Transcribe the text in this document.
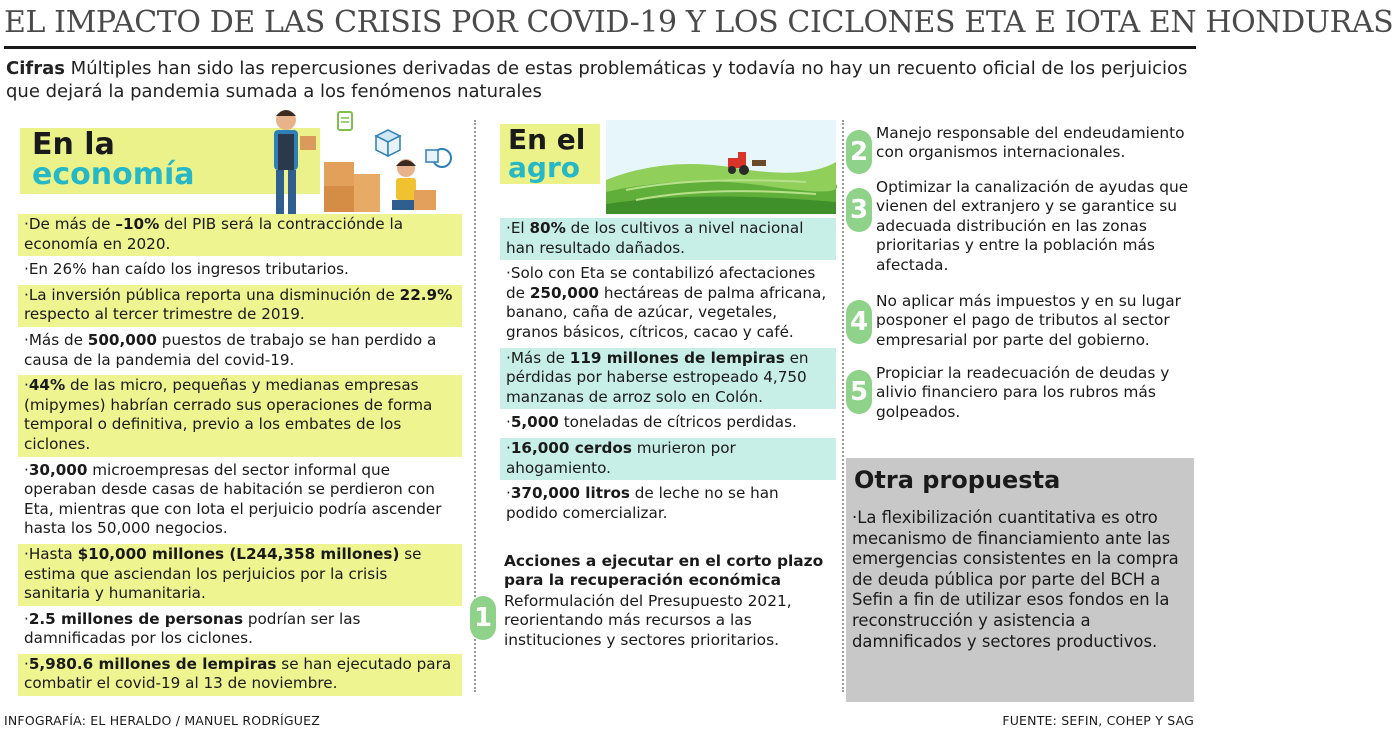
EL IMPACTO DE LAS CRISIS POR COVID-19 Y LOS CICLONES ETA E IOTA EN HONDURAS
Cifras Múltiples han sido las repercusiones derivadas de estas problemáticas y todavía no hay un recuento oficial de los perjuicios que dejará la pandemia sumada a los fenómenos naturales
En la
economía
·De más de –10% del PIB será la contracciónde la economía en 2020.
·En 26% han caído los ingresos tributarios.
·La inversión pública reporta una disminución de 22.9% respecto al tercer trimestre de 2019.
·Más de 500,000 puestos de trabajo se han perdido a causa de la pandemia del covid-19.
·44% de las micro, pequeñas y medianas empresas (mipymes) habrían cerrado sus operaciones de forma temporal o definitiva, previo a los embates de los ciclones.
·30,000 microempresas del sector informal que operaban desde casas de habitación se perdieron con Eta, mientras que con Iota el perjuicio podría ascender hasta los 50,000 negocios.
·Hasta $10,000 millones (L244,358 millones) se estima que asciendan los perjuicios por la crisis sanitaria y humanitaria.
·2.5 millones de personas podrían ser las damnificadas por los ciclones.
·5,980.6 millones de lempiras se han ejecutado para combatir el covid-19 al 13 de noviembre.
En el
agro
·El 80% de los cultivos a nivel nacional han resultado dañados.
·Solo con Eta se contabilizó afectaciones de 250,000 hectáreas de palma africana, banano, caña de azúcar, vegetales, granos básicos, cítricos, cacao y café.
·Más de 119 millones de lempiras en pérdidas por haberse estropeado 4,750 manzanas de arroz solo en Colón.
·5,000 toneladas de cítricos perdidas.
·16,000 cerdos murieron por ahogamiento.
·370,000 litros de leche no se han podido comercializar.
Acciones a ejecutar en el corto plazo para la recuperación económica
1
Reformulación del Presupuesto 2021, reorientando más recursos a las instituciones y sectores prioritarios.
2
Manejo responsable del endeudamiento con organismos internacionales.
3
Optimizar la canalización de ayudas que vienen del extranjero y se garantice su adecuada distribución en las zonas prioritarias y entre la población más afectada.
4
No aplicar más impuestos y en su lugar posponer el pago de tributos al sector empresarial por parte del gobierno.
5
Propiciar la readecuación de deudas y alivio financiero para los rubros más golpeados.
Otra propuesta
·La flexibilización cuantitativa es otro mecanismo de financiamiento ante las emergencias consistentes en la compra de deuda pública por parte del BCH a Sefin a fin de utilizar esos fondos en la reconstrucción y asistencia a damnificados y sectores productivos.
INFOGRAFÍA: EL HERALDO / MANUEL RODRÍGUEZ	FUENTE: SEFIN, COHEP Y SAG
